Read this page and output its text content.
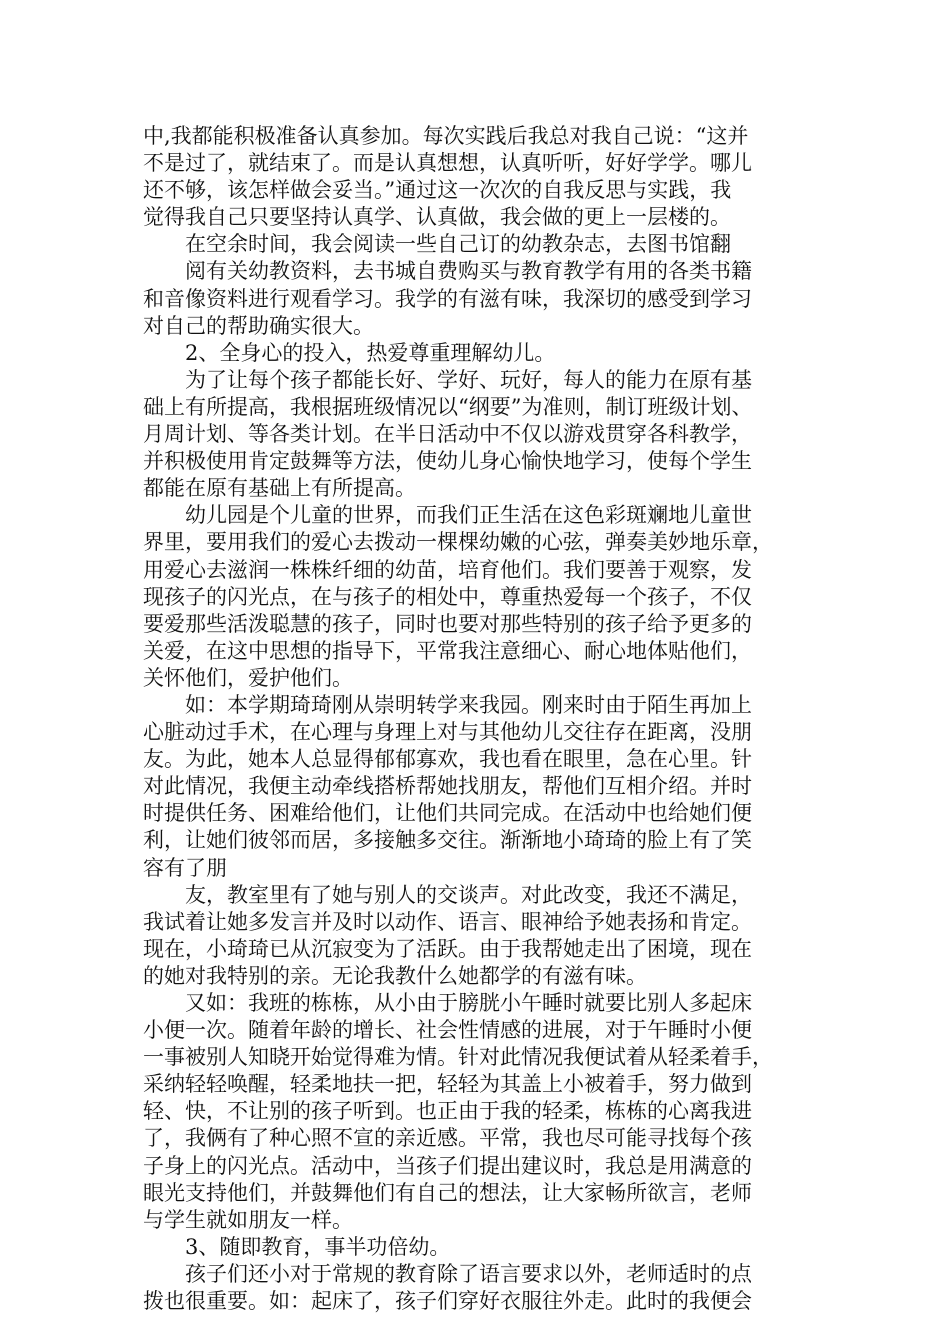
中,我都能积极准备认真参加。每次实践后我总对我自己说：“这并
不是过了，就结束了。而是认真想想，认真听听，好好学学。哪儿
还不够，该怎样做会妥当。”通过这一次次的自我反思与实践，我
觉得我自己只要坚持认真学、认真做，我会做的更上一层楼的。
　　在空余时间，我会阅读一些自己订的幼教杂志，去图书馆翻
　　阅有关幼教资料，去书城自费购买与教育教学有用的各类书籍
和音像资料进行观看学习。我学的有滋有味，我深切的感受到学习
对自己的帮助确实很大。
　　2、全身心的投入，热爱尊重理解幼儿。
　　为了让每个孩子都能长好、学好、玩好，每人的能力在原有基
础上有所提高，我根据班级情况以“纲要”为准则，制订班级计划、
月周计划、等各类计划。在半日活动中不仅以游戏贯穿各科教学，
并积极使用肯定鼓舞等方法，使幼儿身心愉快地学习，使每个学生
都能在原有基础上有所提高。
　　幼儿园是个儿童的世界，而我们正生活在这色彩斑斓地儿童世
界里，要用我们的爱心去拨动一棵棵幼嫩的心弦，弹奏美妙地乐章，
用爱心去滋润一株株纤细的幼苗，培育他们。我们要善于观察，发
现孩子的闪光点，在与孩子的相处中，尊重热爱每一个孩子，不仅
要爱那些活泼聪慧的孩子，同时也要对那些特别的孩子给予更多的
关爱，在这中思想的指导下，平常我注意细心、耐心地体贴他们，
关怀他们，爱护他们。
　　如：本学期琦琦刚从崇明转学来我园。刚来时由于陌生再加上
心脏动过手术，在心理与身理上对与其他幼儿交往存在距离，没朋
友。为此，她本人总显得郁郁寡欢，我也看在眼里，急在心里。针
对此情况，我便主动牵线搭桥帮她找朋友，帮他们互相介绍。并时
时提供任务、困难给他们，让他们共同完成。在活动中也给她们便
利，让她们彼邻而居，多接触多交往。渐渐地小琦琦的脸上有了笑
容有了朋
　　友，教室里有了她与别人的交谈声。对此改变，我还不满足，
我试着让她多发言并及时以动作、语言、眼神给予她表扬和肯定。
现在，小琦琦已从沉寂变为了活跃。由于我帮她走出了困境，现在
的她对我特别的亲。无论我教什么她都学的有滋有味。
　　又如：我班的栋栋，从小由于膀胱小午睡时就要比别人多起床
小便一次。随着年龄的增长、社会性情感的进展，对于午睡时小便
一事被别人知晓开始觉得难为情。针对此情况我便试着从轻柔着手，
采纳轻轻唤醒，轻柔地扶一把，轻轻为其盖上小被着手，努力做到
轻、快，不让别的孩子听到。也正由于我的轻柔，栋栋的心离我进
了，我俩有了种心照不宣的亲近感。平常，我也尽可能寻找每个孩
子身上的闪光点。活动中，当孩子们提出建议时，我总是用满意的
眼光支持他们，并鼓舞他们有自己的想法，让大家畅所欲言，老师
与学生就如朋友一样。
　　3、随即教育，事半功倍幼。
　　孩子们还小对于常规的教育除了语言要求以外，老师适时的点
拨也很重要。如：起床了，孩子们穿好衣服往外走。此时的我便会
